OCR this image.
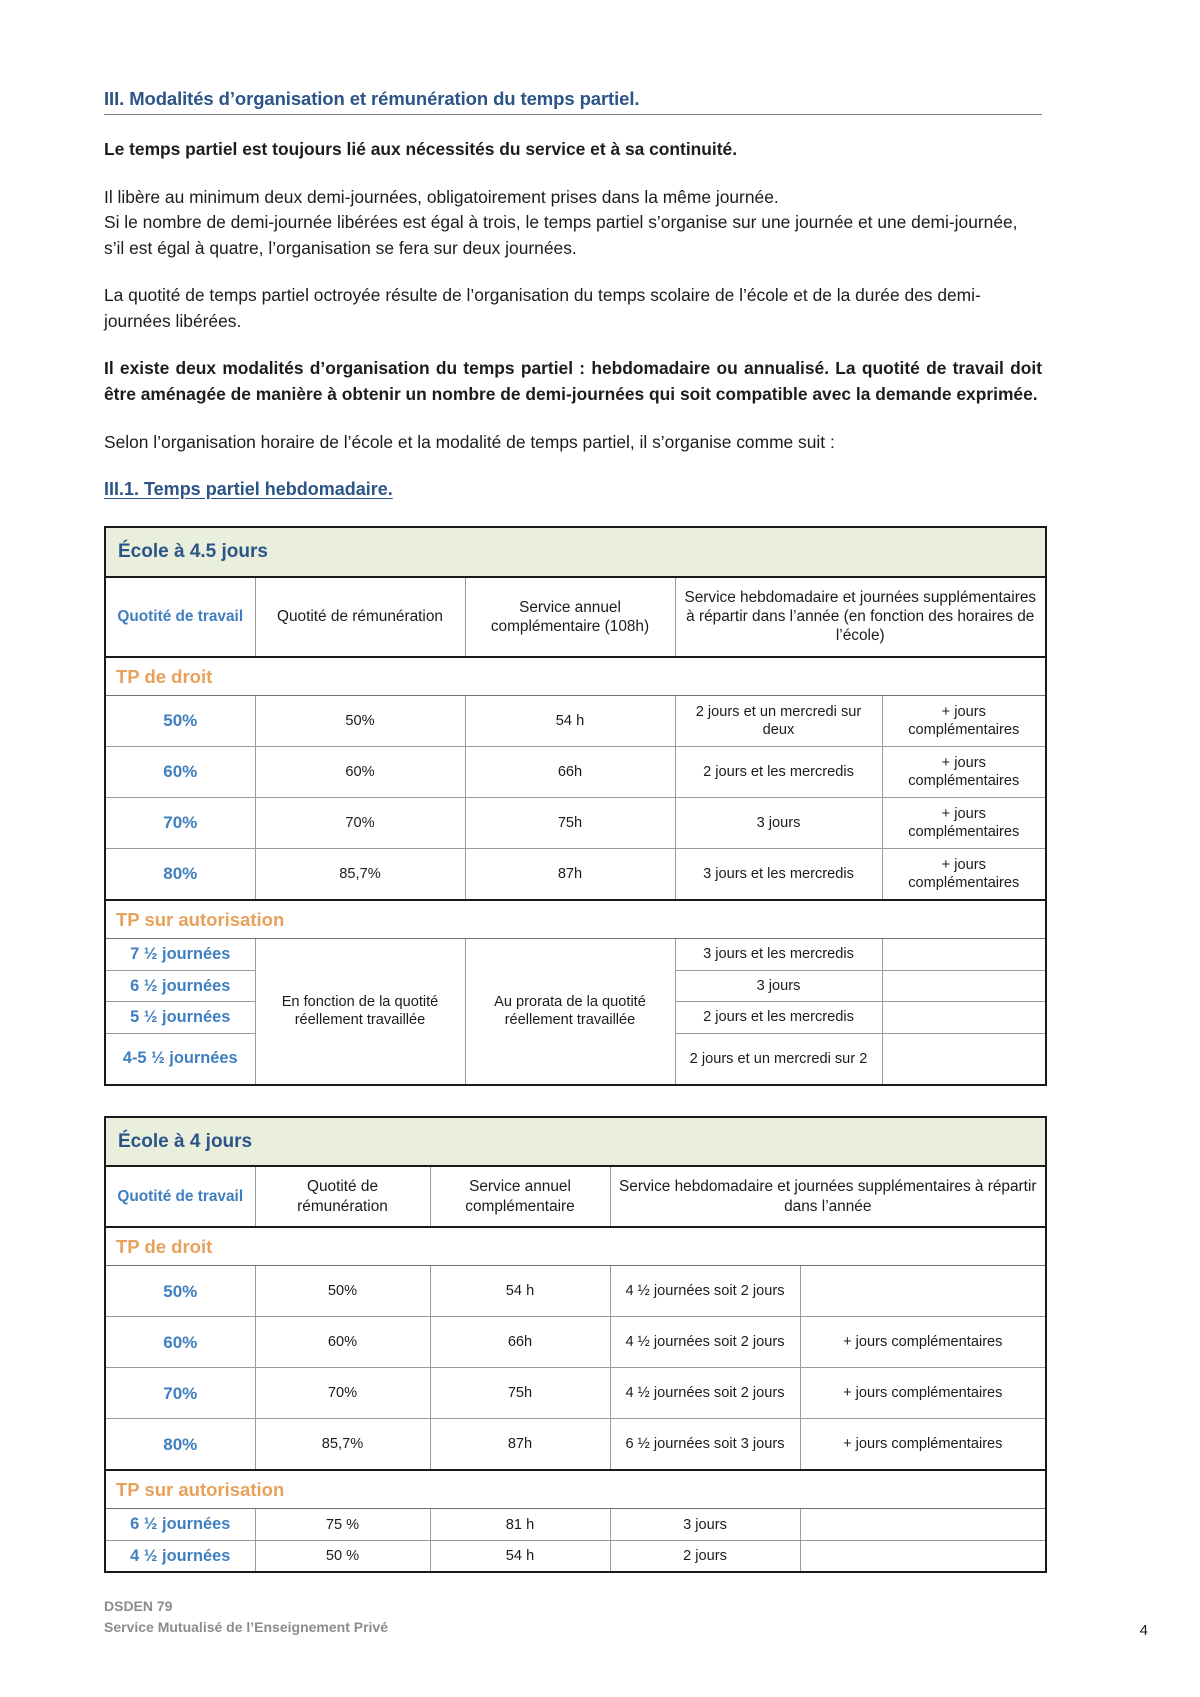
III. Modalités d’organisation et rémunération du temps partiel.

Le temps partiel est toujours lié aux nécessités du service et à sa continuité.

Il libère au minimum deux demi-journées, obligatoirement prises dans la même journée.

Si le nombre de demi-journée libérées est égal à trois, le temps partiel s’organise sur une journée et une demi-journée, s’il est égal à quatre, l’organisation se fera sur deux journées.

La quotité de temps partiel octroyée résulte de l’organisation du temps scolaire de l’école et de la durée des demi-journées libérées.

Il existe deux modalités d’organisation du temps partiel : hebdomadaire ou annualisé. La quotité de travail doit être aménagée de manière à obtenir un nombre de demi-journées qui soit compatible avec la demande exprimée.

Selon l’organisation horaire de l’école et la modalité de temps partiel, il s’organise comme suit :

III.1. Temps partiel hebdomadaire.
École à 4.5 jours				
Quotité de travail	Quotité de rémunération	Service annuel complémentaire (108h)	Service hebdomadaire et journées supplémentaires à répartir dans l’année (en fonction des horaires de l’école)	
TP de droit				
50%	50%	54 h	2 jours et un mercredi sur deux	+ jours complémentaires
60%	60%	66h	2 jours et les mercredis	+ jours complémentaires
70%	70%	75h	3 jours	+ jours complémentaires
80%	85,7%	87h	3 jours et les mercredis	+ jours complémentaires
TP sur autorisation				
7 ½ journées	En fonction de la quotité réellement travaillée	Au prorata de la quotité réellement travaillée	3 jours et les mercredis	
6 ½ journées			3 jours	
5 ½ journées			2 jours et les mercredis	
4-5 ½ journées			2 jours et un mercredi sur 2	
École à 4 jours				
Quotité de travail	Quotité de rémunération	Service annuel complémentaire	Service hebdomadaire et journées supplémentaires à répartir dans l’année	
TP de droit				
50%	50%	54 h	4 ½ journées soit 2 jours	
60%	60%	66h	4 ½ journées soit 2 jours	+ jours complémentaires
70%	70%	75h	4 ½ journées soit 2 jours	+ jours complémentaires
80%	85,7%	87h	6 ½ journées soit 3 jours	+ jours complémentaires
TP sur autorisation				
6 ½ journées	75 %	81 h	3 jours	
4 ½ journées	50 %	54 h	2 jours	
DSDEN 79
Service Mutualisé de l’Enseignement Privé	4
